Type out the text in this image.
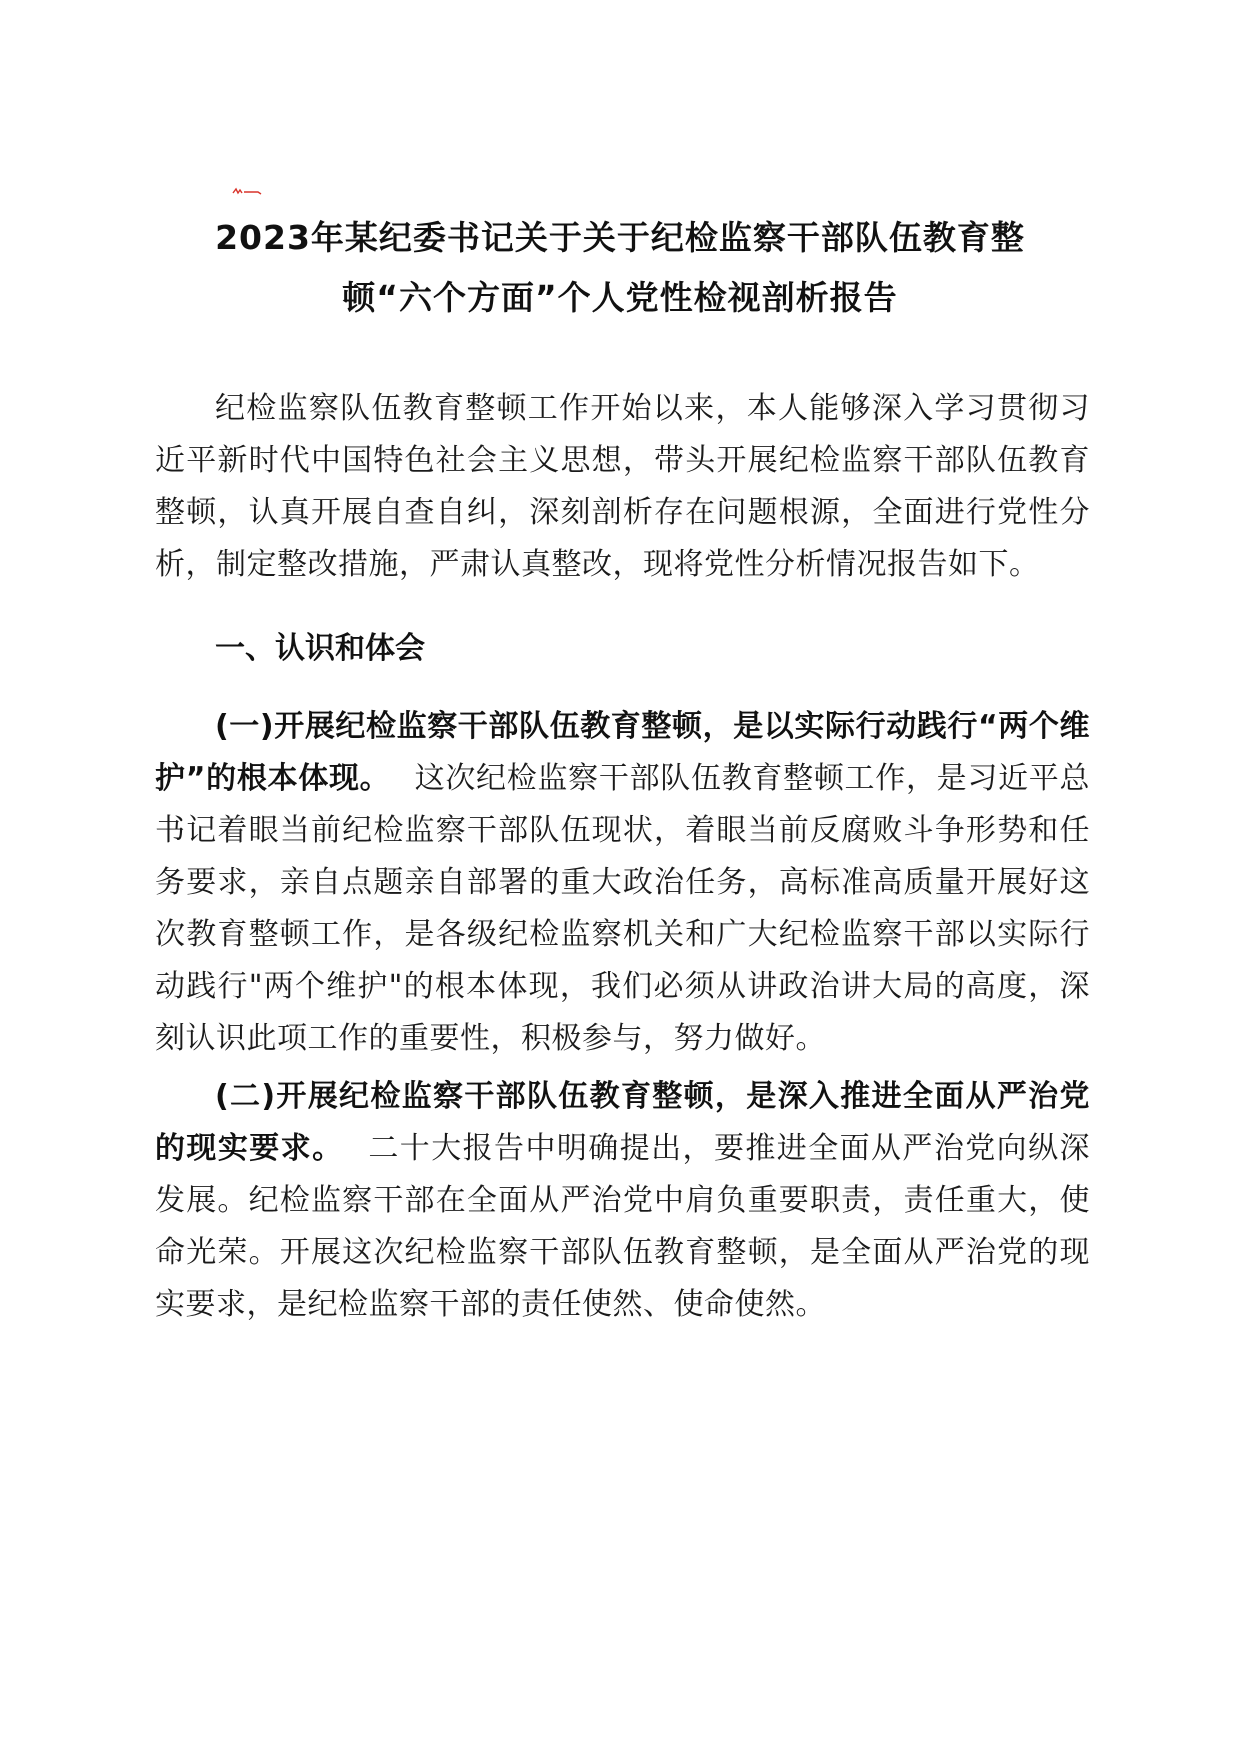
2023年某纪委书记关于关于纪检监察干部队伍教育整
顿“六个方面”个人党性检视剖析报告

纪检监察队伍教育整顿工作开始以来，本人能够深入学习贯彻习近平新时代中国特色社会主义思想，带头开展纪检监察干部队伍教育整顿，认真开展自查自纠，深刻剖析存在问题根源，全面进行党性分析，制定整改措施，严肃认真整改，现将党性分析情况报告如下。

一、认识和体会

(一)开展纪检监察干部队伍教育整顿，是以实际行动践行“两个维护”的根本体现。 这次纪检监察干部队伍教育整顿工作，是习近平总书记着眼当前纪检监察干部队伍现状，着眼当前反腐败斗争形势和任务要求，亲自点题亲自部署的重大政治任务，高标准高质量开展好这次教育整顿工作，是各级纪检监察机关和广大纪检监察干部以实际行动践行"两个维护"的根本体现，我们必须从讲政治讲大局的高度，深刻认识此项工作的重要性，积极参与，努力做好。

(二)开展纪检监察干部队伍教育整顿，是深入推进全面从严治党的现实要求。 二十大报告中明确提出，要推进全面从严治党向纵深发展。纪检监察干部在全面从严治党中肩负重要职责，责任重大，使命光荣。开展这次纪检监察干部队伍教育整顿，是全面从严治党的现实要求，是纪检监察干部的责任使然、使命使然。
